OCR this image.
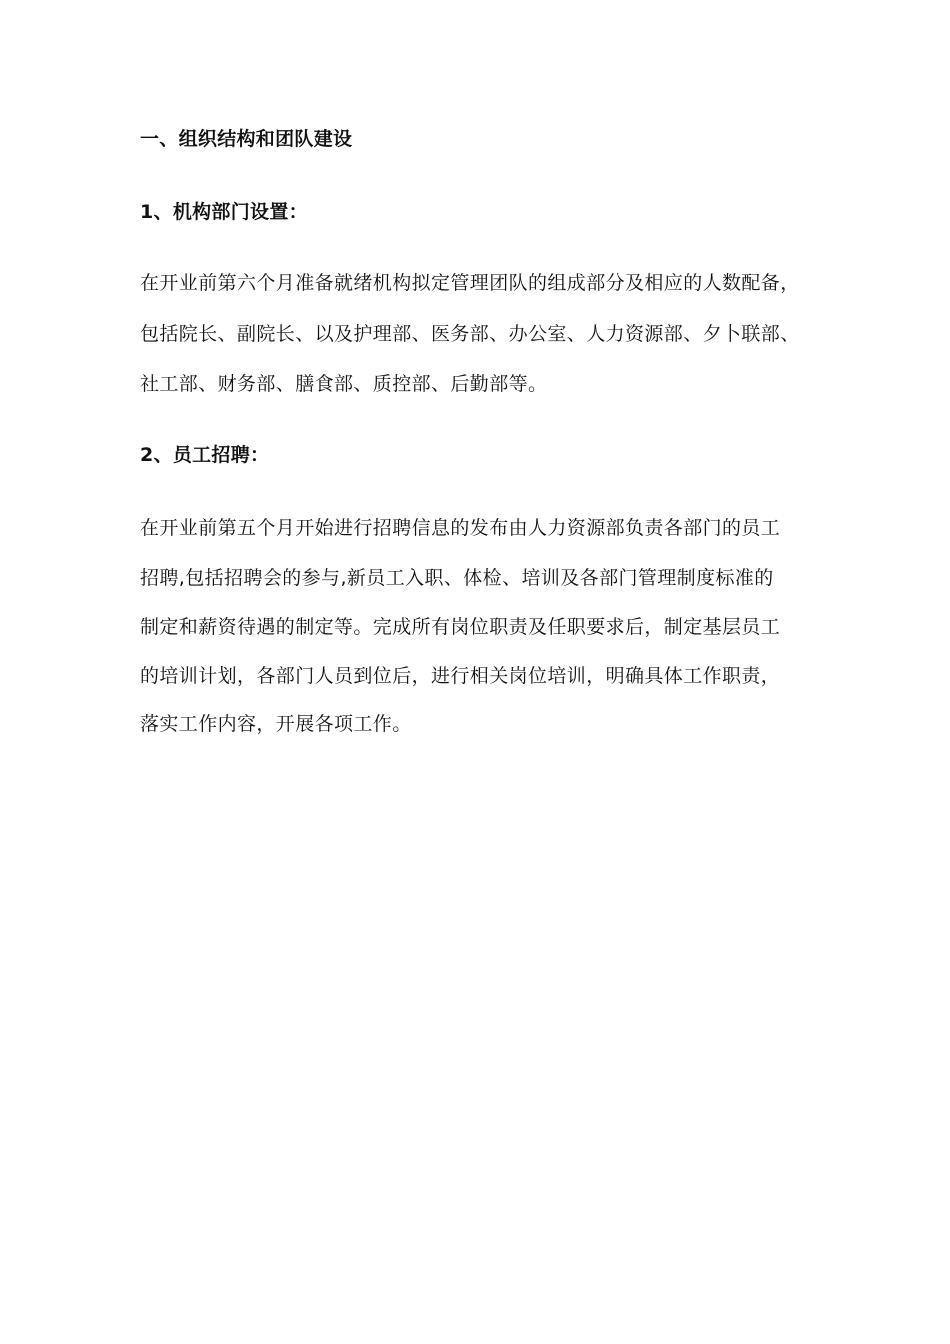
一、组织结构和团队建设
1、机构部门设置：
在开业前第六个月准备就绪机构拟定管理团队的组成部分及相应的人数配备，
包括院长、副院长、以及护理部、医务部、办公室、人力资源部、夕卜联部、
社工部、财务部、膳食部、质控部、后勤部等。
2、员工招聘：
在开业前第五个月开始进行招聘信息的发布由人力资源部负责各部门的员工
招聘,包括招聘会的参与,新员工入职、体检、培训及各部门管理制度标准的
制定和薪资待遇的制定等。完成所有岗位职责及任职要求后，制定基层员工
的培训计划，各部门人员到位后，进行相关岗位培训，明确具体工作职责，
落实工作内容，开展各项工作。
